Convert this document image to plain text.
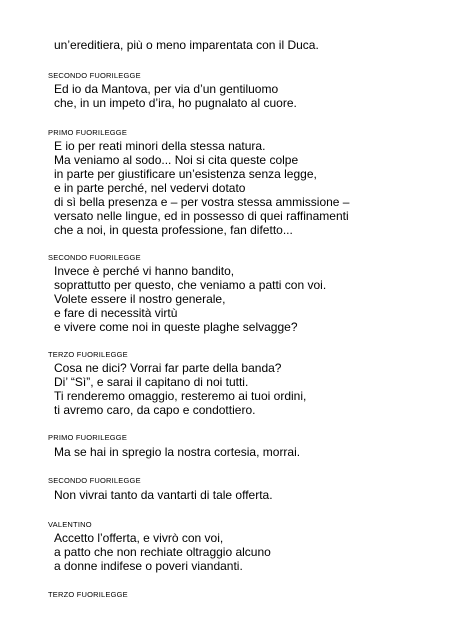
un’ereditiera, più o meno imparentata con il Duca.
SECONDO FUORILEGGE
Ed io da Mantova, per via d’un gentiluomo
che, in un impeto d’ira, ho pugnalato al cuore.
PRIMO FUORILEGGE
E io per reati minori della stessa natura.
Ma veniamo al sodo... Noi si cita queste colpe
in parte per giustificare un’esistenza senza legge,
e in parte perché, nel vedervi dotato
di sì bella presenza e – per vostra stessa ammissione –
versato nelle lingue, ed in possesso di quei raffinamenti
che a noi, in questa professione, fan difetto...
SECONDO FUORILEGGE
Invece è perché vi hanno bandito,
soprattutto per questo, che veniamo a patti con voi.
Volete essere il nostro generale,
e fare di necessità virtù
e vivere come noi in queste plaghe selvagge?
TERZO FUORILEGGE
Cosa ne dici? Vorrai far parte della banda?
Di’ “Sì”, e sarai il capitano di noi tutti.
Ti renderemo omaggio, resteremo ai tuoi ordini,
ti avremo caro, da capo e condottiero.
PRIMO FUORILEGGE
Ma se hai in spregio la nostra cortesia, morrai.
SECONDO FUORILEGGE
Non vivrai tanto da vantarti di tale offerta.
VALENTINO
Accetto l’offerta, e vivrò con voi,
a patto che non rechiate oltraggio alcuno
a donne indifese o poveri viandanti.
TERZO FUORILEGGE
